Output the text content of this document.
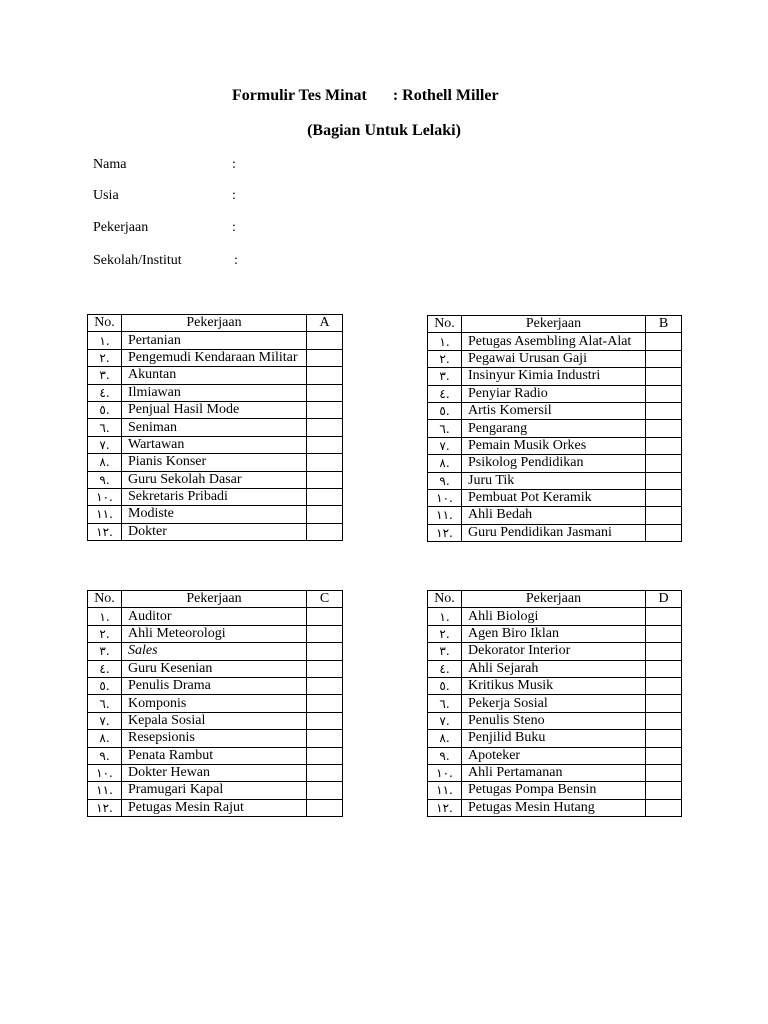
Formulir Tes Minat : Rothell Miller
(Bagian Untuk Lelaki)
Nama	:
Usia	:
Pekerjaan	:
Sekolah/Institut	:
No.	Pekerjaan	A
١.	Pertanian	
٢.	Pengemudi Kendaraan Militar	
٣.	Akuntan	
٤.	Ilmiawan	
٥.	Penjual Hasil Mode	
٦.	Seniman	
٧.	Wartawan	
٨.	Pianis Konser	
٩.	Guru Sekolah Dasar	
١٠.	Sekretaris Pribadi	
١١.	Modiste	
١٢.	Dokter	
No.	Pekerjaan	B
١.	Petugas Asembling Alat-Alat	
٢.	Pegawai Urusan Gaji	
٣.	Insinyur Kimia Industri	
٤.	Penyiar Radio	
٥.	Artis Komersil	
٦.	Pengarang	
٧.	Pemain Musik Orkes	
٨.	Psikolog Pendidikan	
٩.	Juru Tik	
١٠.	Pembuat Pot Keramik	
١١.	Ahli Bedah	
١٢.	Guru Pendidikan Jasmani	
No.	Pekerjaan	C
١.	Auditor	
٢.	Ahli Meteorologi	
٣.	Sales	
٤.	Guru Kesenian	
٥.	Penulis Drama	
٦.	Komponis	
٧.	Kepala Sosial	
٨.	Resepsionis	
٩.	Penata Rambut	
١٠.	Dokter Hewan	
١١.	Pramugari Kapal	
١٢.	Petugas Mesin Rajut	
No.	Pekerjaan	D
١.	Ahli Biologi	
٢.	Agen Biro Iklan	
٣.	Dekorator Interior	
٤.	Ahli Sejarah	
٥.	Kritikus Musik	
٦.	Pekerja Sosial	
٧.	Penulis Steno	
٨.	Penjilid Buku	
٩.	Apoteker	
١٠.	Ahli Pertamanan	
١١.	Petugas Pompa Bensin	
١٢.	Petugas Mesin Hutang	
